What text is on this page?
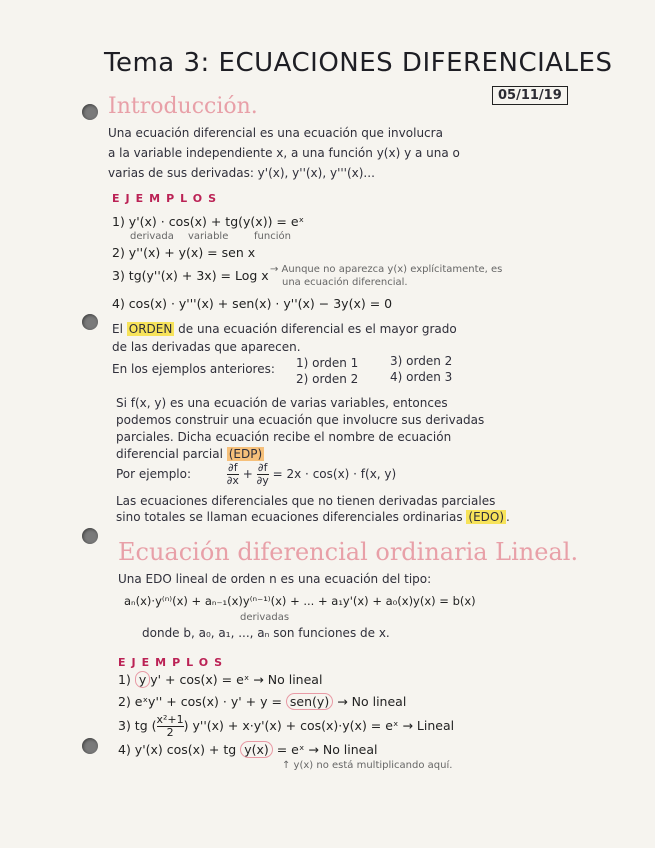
Tema 3: ECUACIONES DIFERENCIALES
05/11/19
Introducción.
Una ecuación diferencial es una ecuación que involucra
a la variable independiente x, a una función y(x) y a una o
varias de sus derivadas: y'(x), y''(x), y'''(x)...
EJEMPLOS
1) y'(x) · cos(x) + tg(y(x)) = eˣ
derivada variable	función
2) y''(x) + y(x) = sen x
3) tg(y''(x) + 3x) = Log x → Aunque no aparezca y(x) explícitamente, es
una ecuación diferencial.
4) cos(x) · y'''(x) + sen(x) · y''(x) − 3y(x) = 0
El ORDEN de una ecuación diferencial es el mayor grado
de las derivadas que aparecen.
En los ejemplos anteriores: 1) orden 1
2) orden 2
3) orden 2
4) orden 3
Si f(x, y) es una ecuación de varias variables, entonces
podemos construir una ecuación que involucre sus derivadas
parciales. Dicha ecuación recibe el nombre de ecuación
diferencial parcial (EDP)
Por ejemplo:	$\frac{\partial f}{\partial x} + \frac{\partial f}{\partial y} = 2x \cdot \cos(x) \cdot f(x$, y)
Las ecuaciones diferenciales que no tienen derivadas parciales
sino totales se llaman ecuaciones diferenciales ordinarias (EDO) .
Ecuación diferencial ordinaria Lineal.
Una EDO lineal de orden n es una ecuación del tipo:
aₙ(x)·y⁽ⁿ⁾(x) + aₙ₋₁(x)y⁽ⁿ⁻¹⁾(x) + ... + a₁y'(x) + a₀(x)y(x) = b(x)
derivadas
donde b, a₀, a₁, ..., aₙ son funciones de x.
EJEMPLOS
1) y y' + cos(x) = eˣ → No lineal
2) eˣy'' + cos(x) · y' + y = sen(y) → No lineal
3) tg ( $\frac{\text{x²+1}}{2}$ ) y''(x) + x·y'(x) + cos(x)·y(x) = eˣ → Lineal
4) y'(x) cos(x) + tg y(x) = eˣ → No lineal
↑ y(x) no está multiplicando aquí.
